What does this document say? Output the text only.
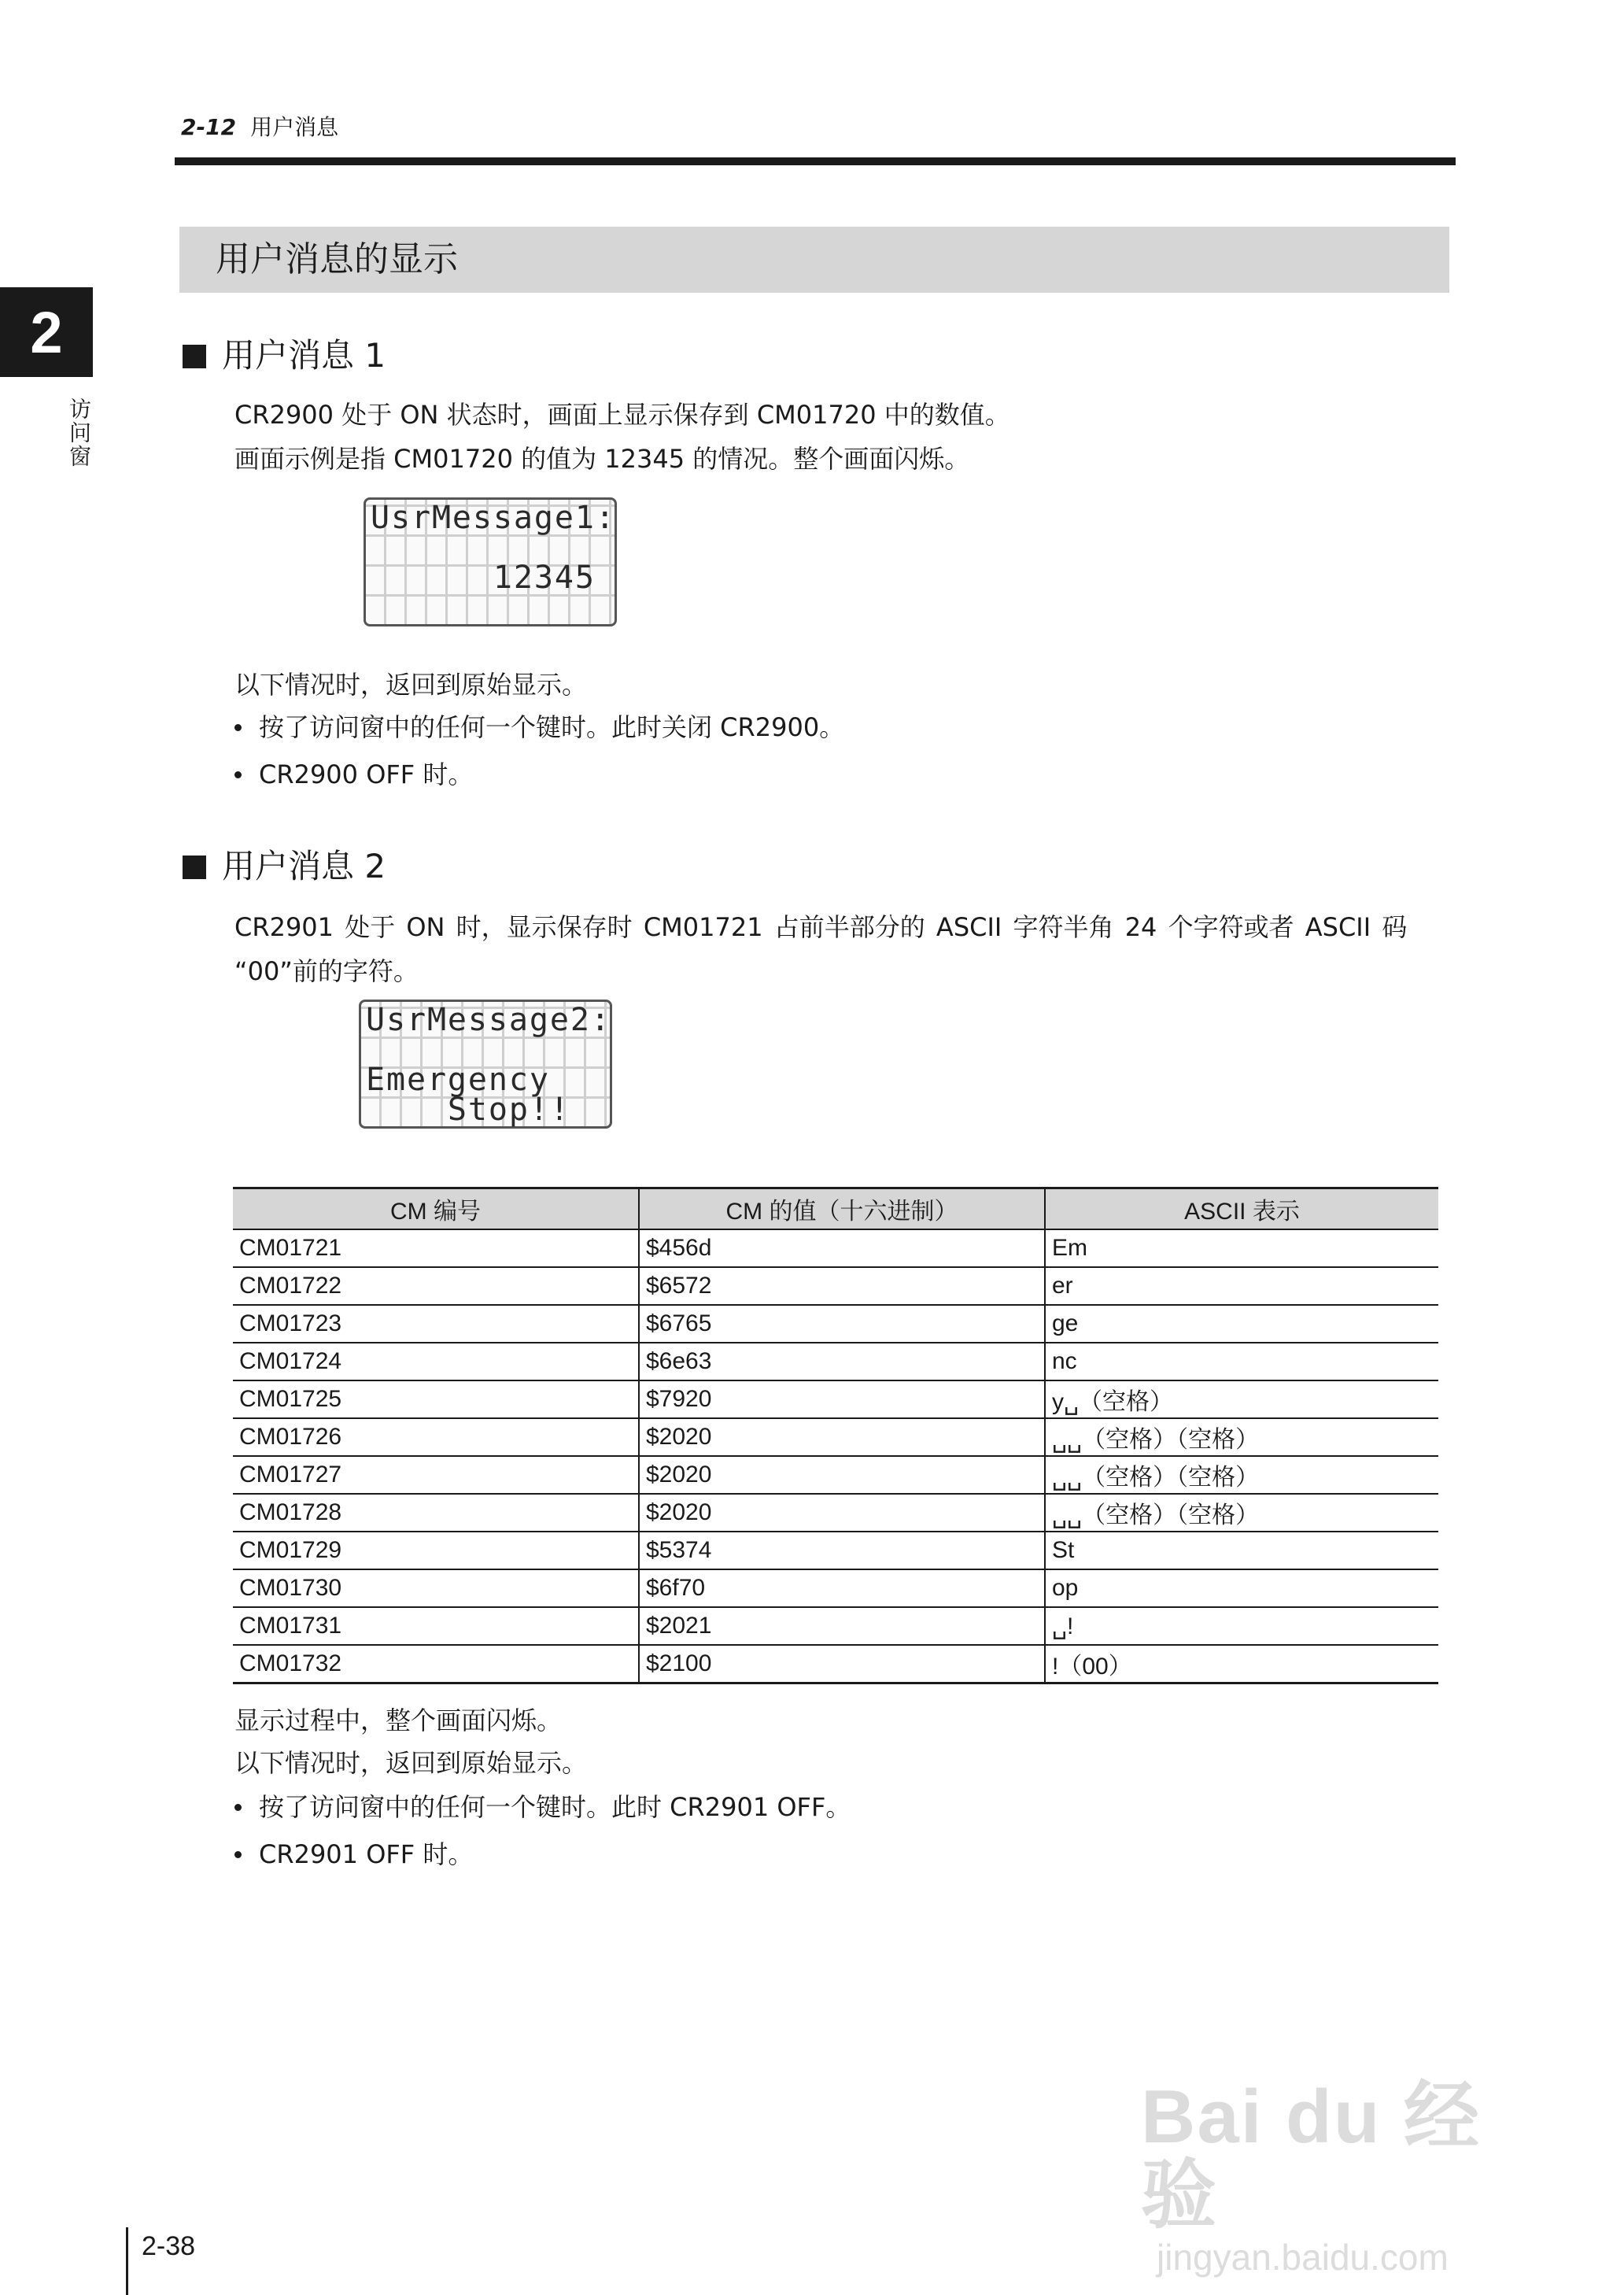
2-12 用户消息
2
访问窗
用户消息的显示
用户消息 1
CR2900 处于 ON 状态时，画面上显示保存到 CM01720 中的数值。
画面示例是指 CM01720 的值为 12345 的情况。整个画面闪烁。
UsrMessage1:
12345
以下情况时，返回到原始显示。
按了访问窗中的任何一个键时。此时关闭 CR2900。
CR2900 OFF 时。
用户消息 2
CR2901 处于 ON 时，显示保存时 CM01721 占前半部分的 ASCII 字符半角 24 个字符或者 ASCII 码
“00”前的字符。
UsrMessage2:
Emergency
Stop!!
CM 编号	CM 的值（十六进制）	ASCII 表示
CM01721	$456d	Em
CM01722	$6572	er
CM01723	$6765	ge
CM01724	$6e63	nc
CM01725	$7920	y␣（空格）
CM01726	$2020	␣␣（空格）（空格）
CM01727	$2020	␣␣（空格）（空格）
CM01728	$2020	␣␣（空格）（空格）
CM01729	$5374	St
CM01730	$6f70	op
CM01731	$2021	␣!
CM01732	$2100	!（00）
显示过程中，整个画面闪烁。
以下情况时，返回到原始显示。
按了访问窗中的任何一个键时。此时 CR2901 OFF。
CR2901 OFF 时。
Bai du 经验
jingyan.baidu.com
2-38
